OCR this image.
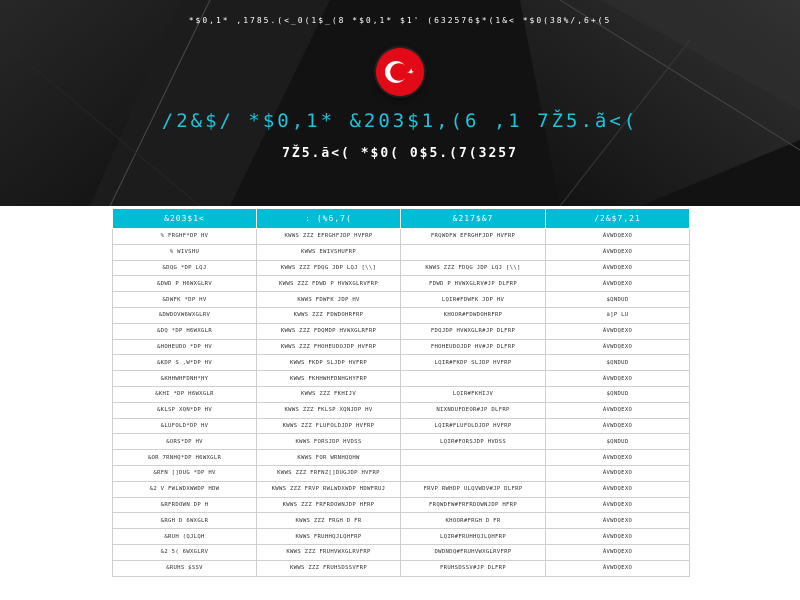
*$0,1* ,1785.(<_0(1$_(8 *$0,1* $1' (632576$*(1&< *$0(38%/,6+(5
/2&$/ *$0,1* &203$1,(6 ,1 7Ž5.ã<(
7Ž5.ã<( *$0( 0$5.(7(3257
&203$1<	: (%6,7(	&217$&7	/2&$7,21
% FRGHF*DP HV	KWWS ZZZ EFRGHFJDP HVFRP	FRQWDFW EFRGHFJDP HVFRP	ÃVWDQEXO
% WIVSHU	KWWS EWIVSHUFRP		ÃVWDQEXO
&DQG *DP LQJ	KWWS ZZZ FDQG JDP LQJ [\\]	KWWS ZZZ FDQG JDP LQJ [\\]	ÃVWDQEXO
&DWD P H6WXGLRV	KWWS ZZZ FDWD P HVWXGLRVFRP	FDWD P HVWXGLRV#JP DLFRP	ÃVWDQEXO
&DWFK *DP HV	KWWS FDWFK JDP HV	LQIR#FDWFK JDP HV	$QNDUD
&DWDOVW6WXGLRV	KWWS ZZZ FDWDOHRFRP	KHOOR#FDWDOHRFRP	ã]P LU
&DQ *DP H6WXGLR	KWWS ZZZ FDQMDP HVWXGLRFRP	FDQJDP HVWXGLR#JP DLFRP	ÃVWDQEXO
&HOHEUDO *DP HV	KWWS ZZZ FHOHEUDOJDP HVFRP	FHOHEUDOJDP HV#JP DLFRP	ÃVWDQEXO
&KDP S ,W*DP HV	KWWS FKDP SLJDP HVFRP	LQIR#FKDP SLJDP HVFRP	$QNDUD
&KHHWHFDNH*HY	KWWS FKHHWHFDNHGHYFRP		ÃVWDQEXO
&KHI *DP H6WXGLR	KWWS ZZZ FKHIJV	LQIR#FKHIJV	$QNDUD
&KLSP XQN*DP HV	KWWS ZZZ FKLSP XQNJDP HV	NIXNDUFDEOR#JP DLFRP	ÃVWDQEXO
&LUFOLD*DP HV	KWWS ZZZ FLUFOLDJDP HVFRP	LQIR#FLUFOLDJDP HVFRP	ÃVWDQEXO
&ORS*DP HV	KWWS FORSJDP HVDSS	LQIR#FORSJDP HVDSS	$QNDUD
&OR 7RNHQ*DP H6WXGLR	KWWS FOR WRNHQQHW		ÃVWDQEXO
&RFN []DUG *DP HV	KWWS ZZZ FRFNZ[]DUGJDP HVFRP		ÃVWDQEXO
&2 V FWLWDXWWDP HDW	KWWS ZZZ FRVP RWLWDXWDP HDWFRUJ	FRVP RWHDP ULQVWDV#JP DLFRP	ÃVWDQEXO
&RFRDOWN DP H	KWWS ZZZ FRFRDOWNJDP HFRP	FRQWDFW#FRFRDOWNJDP HFRP	ÃVWDQEXO
&RGH D 6WXGLR	KWWS ZZZ FRGH D FR	KHOOR#FRGH D FR	ÃVWDQEXO
&RUH (QJLQH	KWWS FRUHHQJLQHFRP	LQIR#FRUHHQJLQHFRP	ÃVWDQEXO
&2 5( 6WXGLRV	KWWS ZZZ FRUHVWXGLRVFRP	DWDNDQ#FRUHVWXGLRVFRP	ÃVWDQEXO
&RUHS $SSV	KWWS ZZZ FRUHSDSSVFRP	FRUHSDSSV#JP DLFRP	ÃVWDQEXO
